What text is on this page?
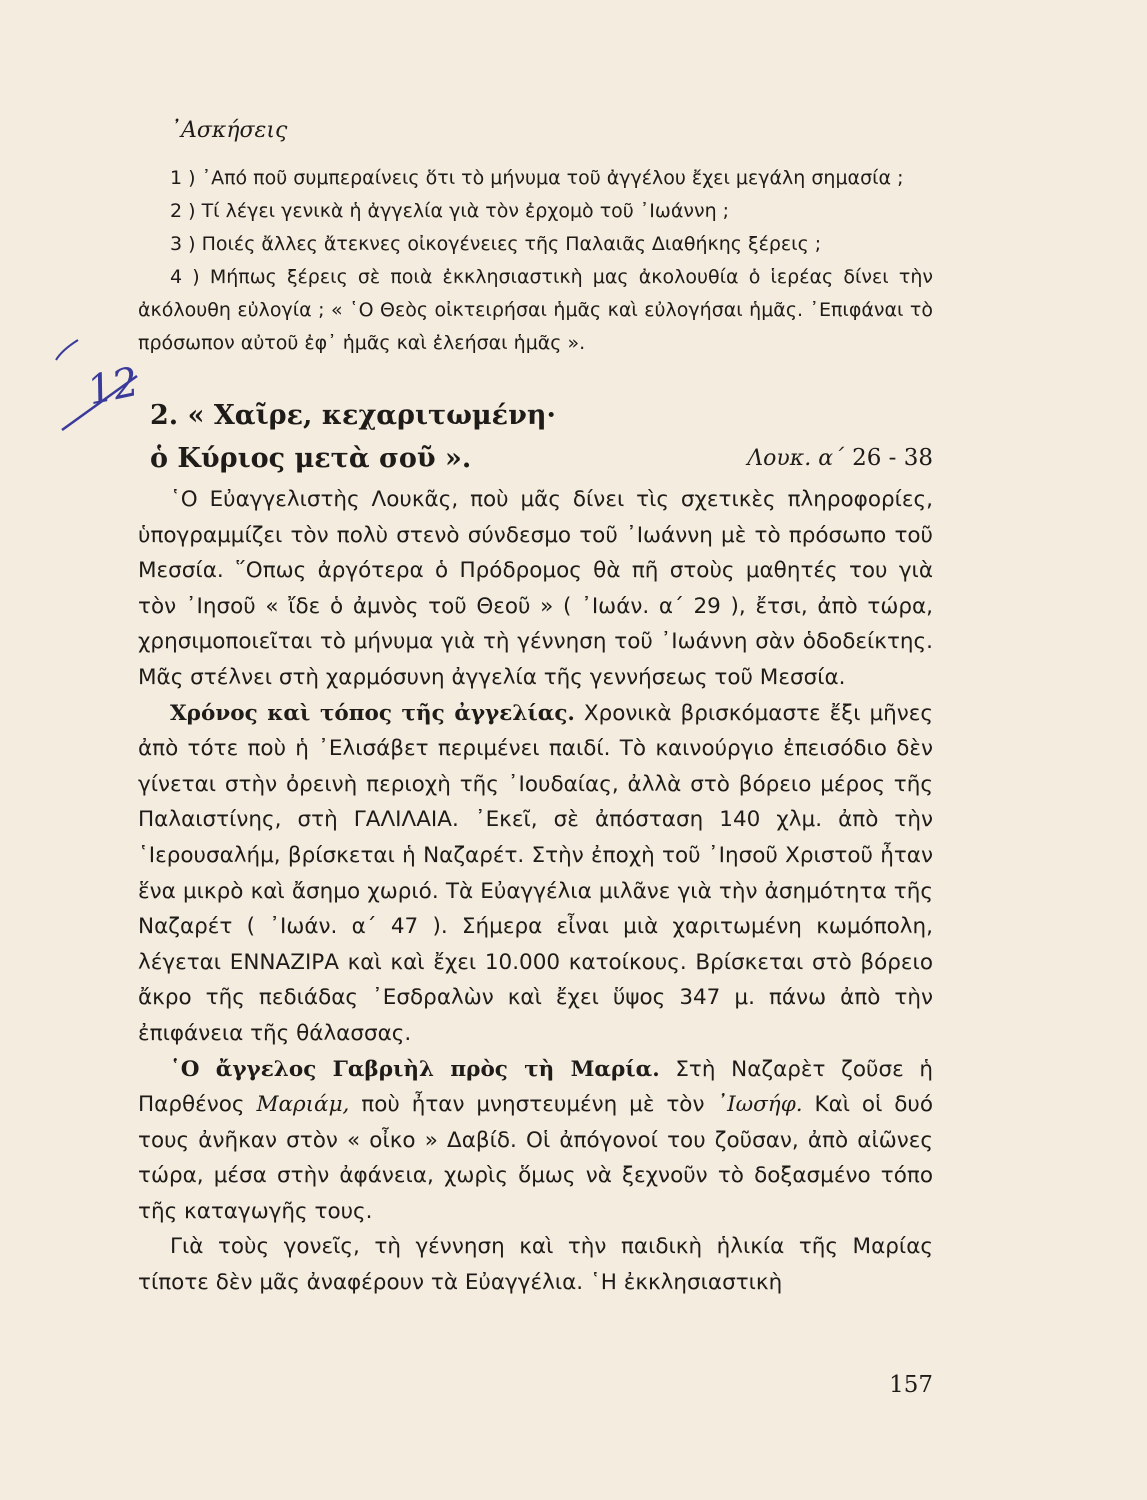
᾿Ασκήσεις

1 ) ᾿Από ποῦ συμπεραίνεις ὅτι τὸ μήνυμα τοῦ ἀγγέλου ἔχει μεγάλη σημασία ;

2 ) Τί λέγει γενικὰ ἡ ἀγγελία γιὰ τὸν ἐρχομὸ τοῦ ᾿Ιωάννη ;

3 ) Ποιές ἄλλες ἄτεκνες οἰκογένειες τῆς Παλαιᾶς Διαθήκης ξέρεις ;

4 ) Μήπως ξέρεις σὲ ποιὰ ἐκκλησιαστικὴ μας ἀκολουθία ὁ ἱερέας δίνει τὴν ἀκόλουθη εὐλογία ; « ῾Ο Θεὸς οἰκτειρήσαι ἡμᾶς καὶ εὐλογήσαι ἡμᾶς. ᾿Επιφάναι τὸ πρόσωπον αὐτοῦ ἐφ᾿ ἡμᾶς καὶ ἐλεήσαι ἡμᾶς ».

12
2. « Χαῖρε, κεχαριτωμένη·
ὁ Κύριος μετὰ σοῦ ».	Λουκ. α´ 26 - 38

῾Ο Εὐαγγελιστὴς Λουκᾶς, ποὺ μᾶς δίνει τὶς σχετικὲς πληροφορίες, ὑπογραμμίζει τὸν πολὺ στενὸ σύνδεσμο τοῦ ᾿Ιωάννη μὲ τὸ πρόσωπο τοῦ Μεσσία. ῞Οπως ἀργότερα ὁ Πρόδρομος θὰ πῆ στοὺς μαθητές του γιὰ τὸν ᾿Ιησοῦ « ἴδε ὁ ἀμνὸς τοῦ Θεοῦ » ( ᾿Ιωάν. α´ 29 ), ἔτσι, ἀπὸ τώρα, χρησιμοποιεῖται τὸ μήνυμα γιὰ τὴ γέννηση τοῦ ᾿Ιωάννη σὰν ὁδοδείκτης. Μᾶς στέλνει στὴ χαρμόσυνη ἀγγελία τῆς γεννήσεως τοῦ Μεσσία.

Χρόνος καὶ τόπος τῆς ἀγγελίας. Χρονικὰ βρισκόμαστε ἔξι μῆνες ἀπὸ τότε ποὺ ἡ ᾿Ελισάβετ περιμένει παιδί. Τὸ καινούργιο ἐπεισόδιο δὲν γίνεται στὴν ὀρεινὴ περιοχὴ τῆς ᾿Ιουδαίας, ἀλλὰ στὸ βόρειο μέρος τῆς Παλαιστίνης, στὴ ΓΑΛΙΛΑΙΑ. ᾿Εκεῖ, σὲ ἀπόσταση 140 χλμ. ἀπὸ τὴν ῾Ιερουσαλήμ, βρίσκεται ἡ Ναζαρέτ. Στὴν ἐποχὴ τοῦ ᾿Ιησοῦ Χριστοῦ ἦταν ἕνα μικρὸ καὶ ἄσημο χωριό. Τὰ Εὐαγγέλια μιλᾶνε γιὰ τὴν ἀσημότητα τῆς Ναζαρέτ ( ᾿Ιωάν. α´ 47 ). Σήμερα εἶναι μιὰ χαριτωμένη κωμόπολη, λέγεται ΕΝΝΑΖΙΡΑ καὶ καὶ ἔχει 10.000 κατοίκους. Βρίσκεται στὸ βόρειο ἄκρο τῆς πεδιάδας ᾿Εσδραλὼν καὶ ἔχει ὕψος 347 μ. πάνω ἀπὸ τὴν ἐπιφάνεια τῆς θάλασσας.

῾Ο ἄγγελος Γαβριὴλ πρὸς τὴ Μαρία. Στὴ Ναζαρὲτ ζοῦσε ἡ Παρθένος Μαριάμ, ποὺ ἦταν μνηστευμένη μὲ τὸν ᾿Ιωσήφ. Καὶ οἱ δυό τους ἀνῆκαν στὸν « οἶκο » Δαβίδ. Οἱ ἀπόγονοί του ζοῦσαν, ἀπὸ αἰῶνες τώρα, μέσα στὴν ἀφάνεια, χωρὶς ὅμως νὰ ξεχνοῦν τὸ δοξασμένο τόπο τῆς καταγωγῆς τους.

Γιὰ τοὺς γονεῖς, τὴ γέννηση καὶ τὴν παιδικὴ ἡλικία τῆς Μαρίας τίποτε δὲν μᾶς ἀναφέρουν τὰ Εὐαγγέλια. ῾Η ἐκκλησιαστικὴ

157
